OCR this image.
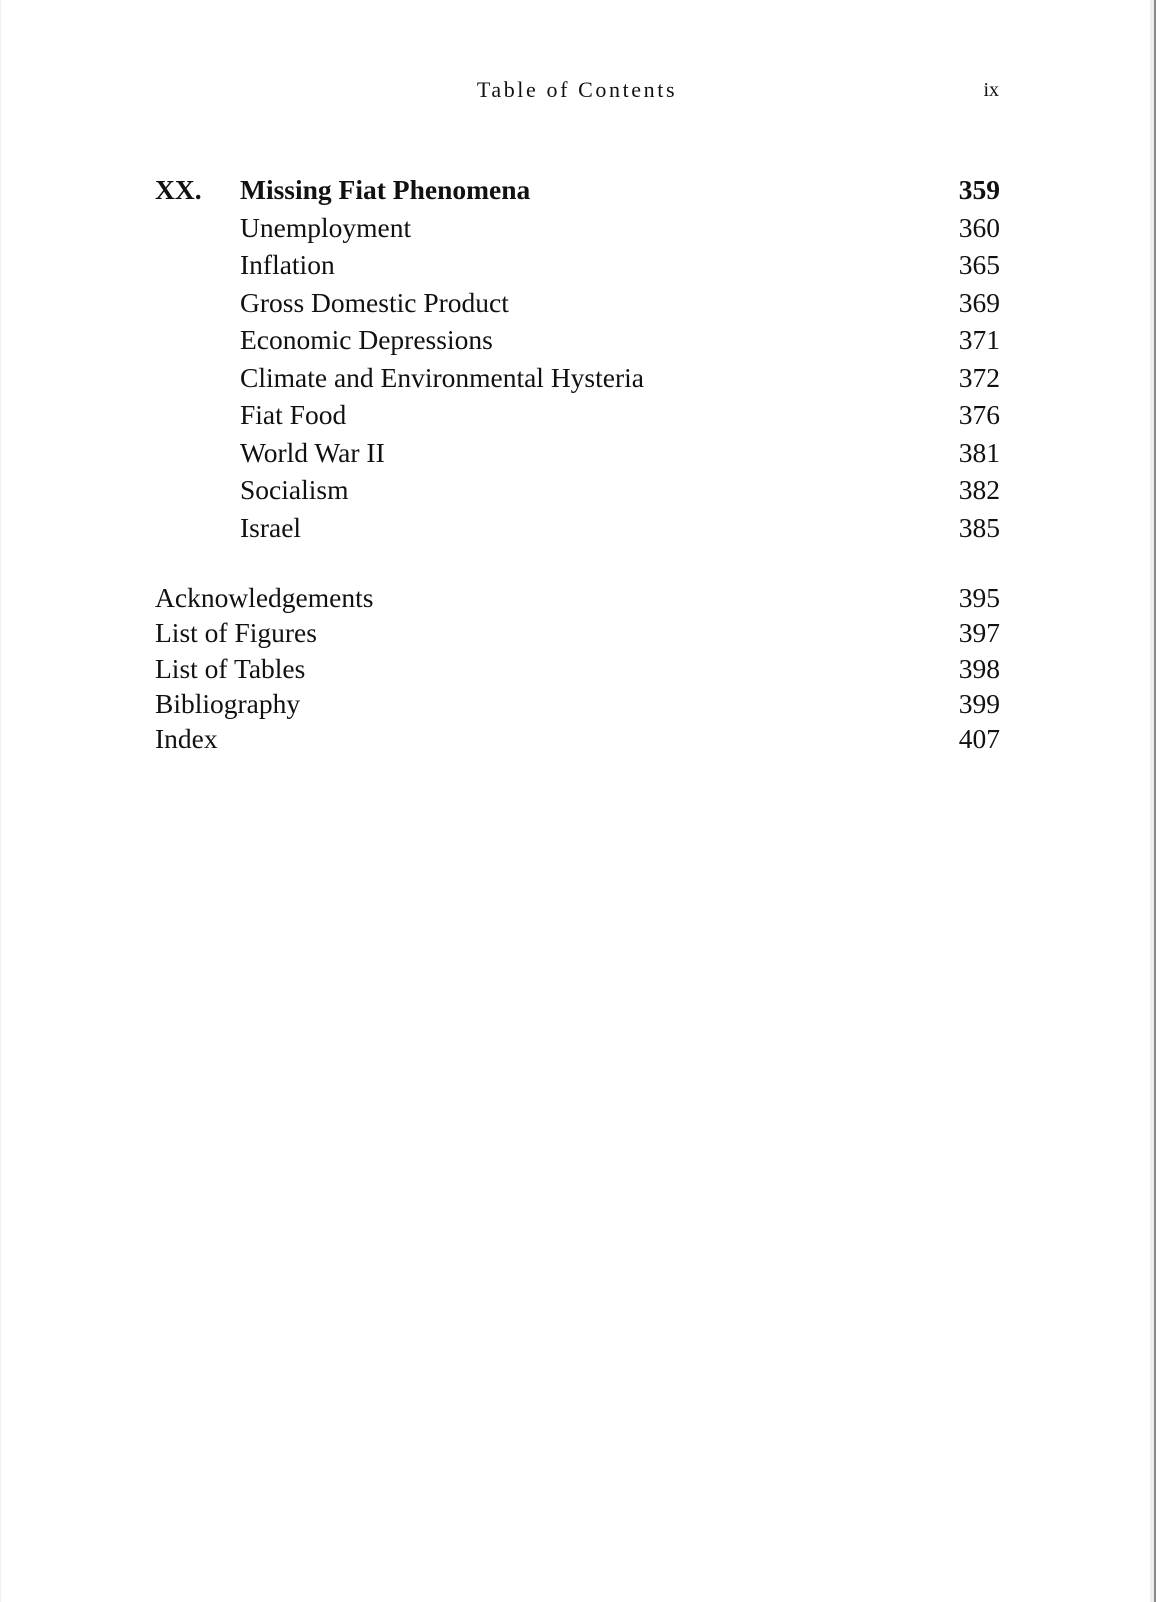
Table of Contents	ix
XX. Missing Fiat Phenomena	359
Unemployment	360
Inflation	365
Gross Domestic Product	369
Economic Depressions	371
Climate and Environmental Hysteria	372
Fiat Food	376
World War II	381
Socialism	382
Israel	385
Acknowledgements	395
List of Figures	397
List of Tables	398
Bibliography	399
Index	407
